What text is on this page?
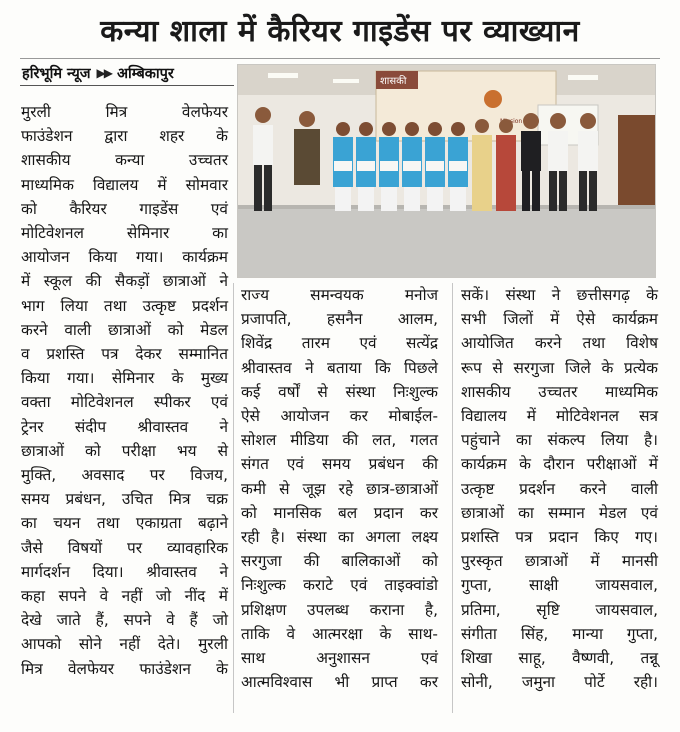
कन्या शाला में कैरियर गाइडेंस पर व्याख्यान
हरिभूमि न्यूज ▶▶ अम्बिकापुर	शासकी

मुरली मित्र वेलफेयर
फाउंडेशन द्वारा शहर के
शासकीय कन्या उच्चतर
माध्यमिक विद्यालय में सोमवार
को कैरियर गाइडेंस एवं
मोटिवेशनल सेमिनार का
आयोजन किया गया। कार्यक्रम
में स्कूल की सैकड़ों छात्राओं ने
भाग लिया तथा उत्कृष्ट प्रदर्शन
करने वाली छात्राओं को मेडल
व प्रशस्ति पत्र देकर सम्मानित
किया गया। सेमिनार के मुख्य
वक्ता मोटिवेशनल स्पीकर एवं
ट्रेनर संदीप श्रीवास्तव ने
छात्राओं को परीक्षा भय से
मुक्ति, अवसाद पर विजय,
समय प्रबंधन, उचित मित्र चक्र
का चयन तथा एकाग्रता बढ़ाने
जैसे विषयों पर व्यावहारिक
मार्गदर्शन दिया। श्रीवास्तव ने
कहा सपने वे नहीं जो नींद में
देखे जाते हैं, सपने वे हैं जो
आपको सोने नहीं देते। मुरली
मित्र वेलफेयर फाउंडेशन के

राज्य समन्वयक मनोज
प्रजापति, हसनैन आलम,
शिवेंद्र तारम एवं सत्येंद्र
श्रीवास्तव ने बताया कि पिछले
कई वर्षों से संस्था निःशुल्क
ऐसे आयोजन कर मोबाईल-
सोशल मीडिया की लत, गलत
संगत एवं समय प्रबंधन की
कमी से जूझ रहे छात्र-छात्राओं
को मानसिक बल प्रदान कर
रही है। संस्था का अगला लक्ष्य
सरगुजा की बालिकाओं को
निःशुल्क कराटे एवं ताइक्वांडो
प्रशिक्षण उपलब्ध कराना है,
ताकि वे आत्मरक्षा के साथ-
साथ अनुशासन एवं
आत्मविश्वास भी प्राप्त कर

सकें। संस्था ने छत्तीसगढ़ के
सभी जिलों में ऐसे कार्यक्रम
आयोजित करने तथा विशेष
रूप से सरगुजा जिले के प्रत्येक
शासकीय उच्चतर माध्यमिक
विद्यालय में मोटिवेशनल सत्र
पहुंचाने का संकल्प लिया है।
कार्यक्रम के दौरान परीक्षाओं में
उत्कृष्ट प्रदर्शन करने वाली
छात्राओं का सम्मान मेडल एवं
प्रशस्ति पत्र प्रदान किए गए।
पुरस्कृत छात्राओं में मानसी
गुप्ता, साक्षी जायसवाल,
प्रतिमा, सृष्टि जायसवाल,
संगीता सिंह, मान्या गुप्ता,
शिखा साहू, वैष्णवी, तन्नू
सोनी, जमुना पोर्टे रही।
